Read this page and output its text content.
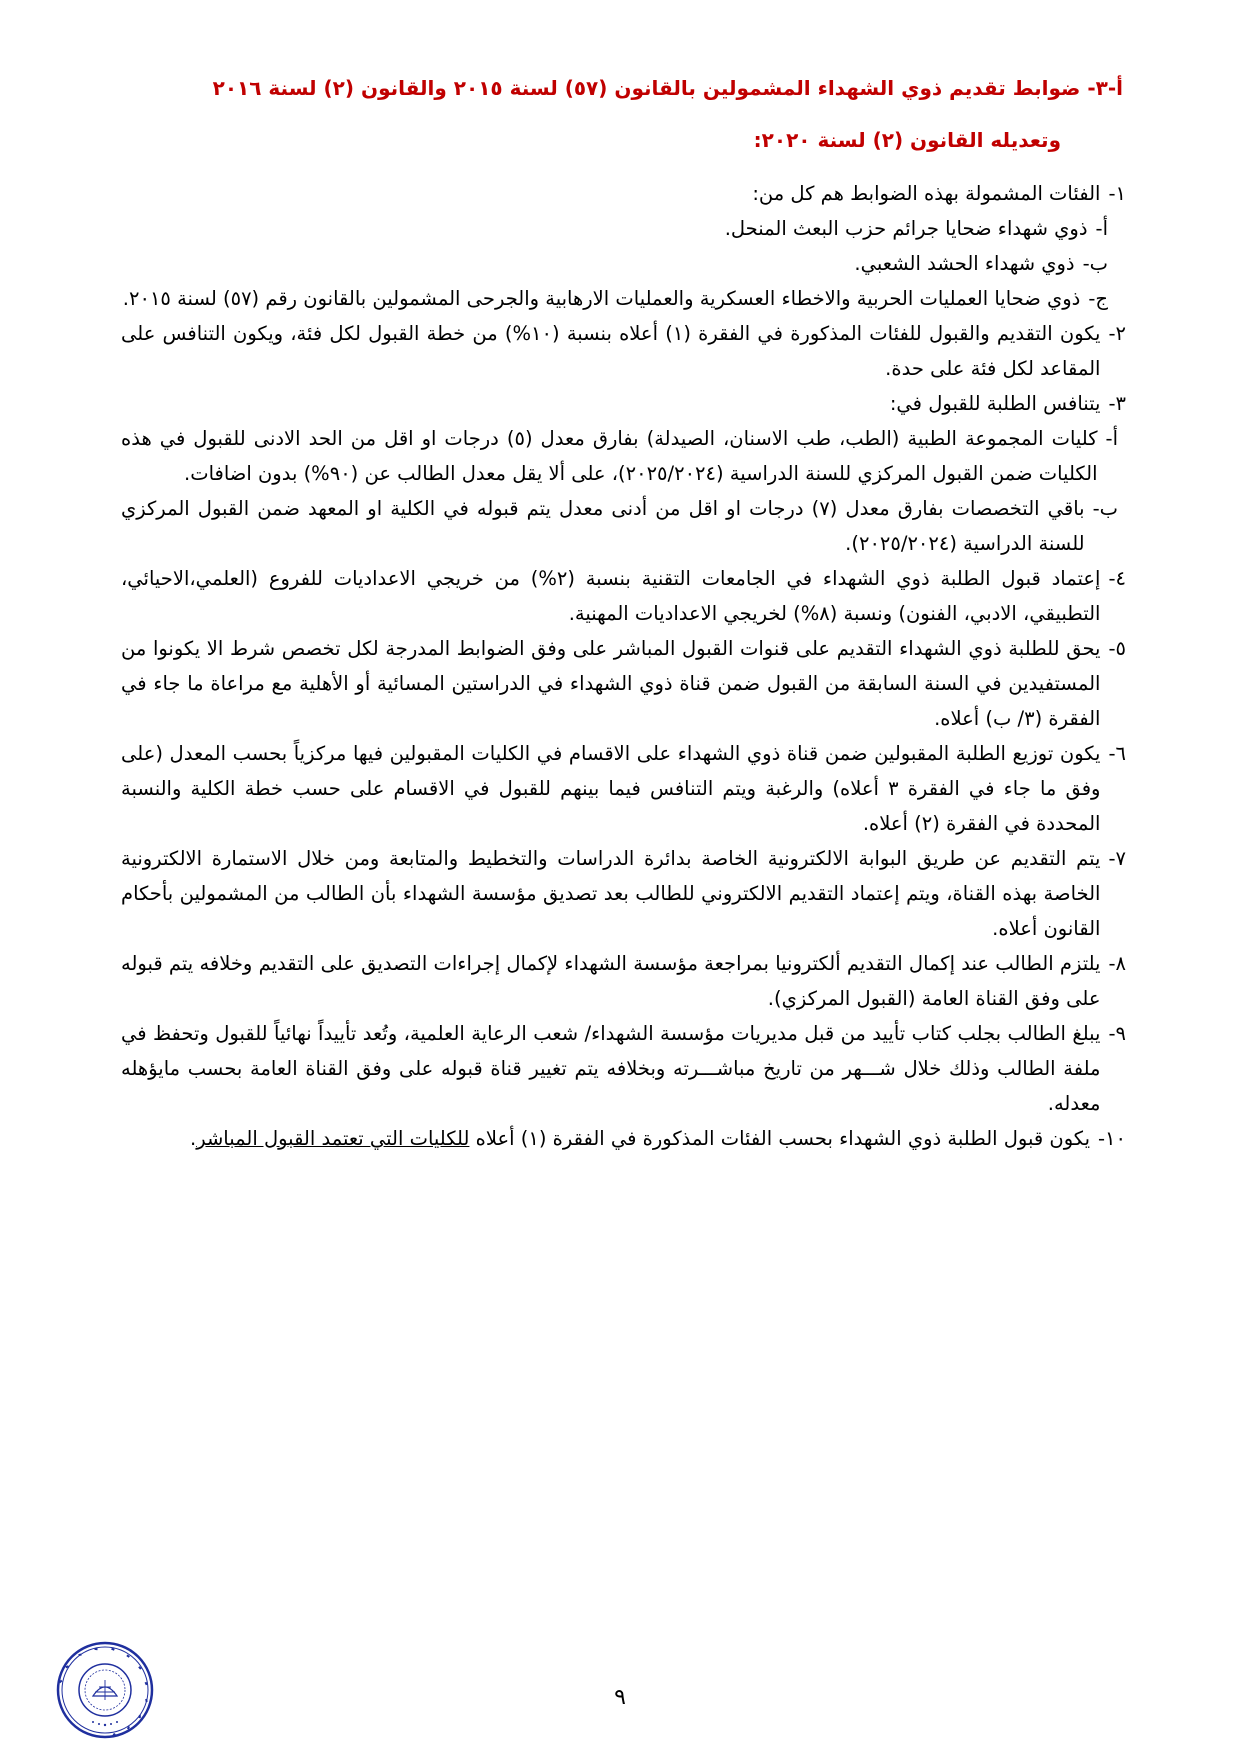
أ-٣- ضوابط تقديم ذوي الشهداء المشمولين بالقانون (٥٧) لسنة ٢٠١٥ والقانون (٢) لسنة ٢٠١٦
وتعديله القانون (٢) لسنة ٢٠٢٠:
١-
الفئات المشمولة بهذه الضوابط هم كل من:
أ-
ذوي شهداء ضحايا جرائم حزب البعث المنحل.
ب-
ذوي شهداء الحشد الشعبي.
ج-
ذوي ضحايا العمليات الحربية والاخطاء العسكرية والعمليات الارهابية والجرحى المشمولين بالقانون رقم (٥٧) لسنة ٢٠١٥.
٢-
يكون التقديم والقبول للفئات المذكورة في الفقرة (١) أعلاه بنسبة (١٠%) من خطة القبول لكل فئة، ويكون التنافس على المقاعد لكل فئة على حدة.
٣-
يتنافس الطلبة للقبول في:
أ-
كليات المجموعة الطبية (الطب، طب الاسنان، الصيدلة) بفارق معدل (٥) درجات او اقل من الحد الادنى للقبول في هذه الكليات ضمن القبول المركزي للسنة الدراسية (٢٠٢٥/٢٠٢٤)، على ألا يقل معدل الطالب عن (٩٠%) بدون اضافات.
ب-
باقي التخصصات بفارق معدل (٧) درجات او اقل من أدنى معدل يتم قبوله في الكلية او المعهد ضمن القبول المركزي للسنة الدراسية (٢٠٢٥/٢٠٢٤).
٤-
إعتماد قبول الطلبة ذوي الشهداء في الجامعات التقنية بنسبة (٢%) من خريجي الاعداديات للفروع (العلمي،الاحيائي، التطبيقي، الادبي، الفنون) ونسبة (٨%) لخريجي الاعداديات المهنية.
٥-
يحق للطلبة ذوي الشهداء التقديم على قنوات القبول المباشر على وفق الضوابط المدرجة لكل تخصص شرط الا يكونوا من المستفيدين في السنة السابقة من القبول ضمن قناة ذوي الشهداء في الدراستين المسائية أو الأهلية مع مراعاة ما جاء في الفقرة (٣/ ب) أعلاه.
٦-
يكون توزيع الطلبة المقبولين ضمن قناة ذوي الشهداء على الاقسام في الكليات المقبولين فيها مركزياً بحسب المعدل (على وفق ما جاء في الفقرة ٣ أعلاه) والرغبة ويتم التنافس فيما بينهم للقبول في الاقسام على حسب خطة الكلية والنسبة المحددة في الفقرة (٢) أعلاه.
٧-
يتم التقديم عن طريق البوابة الالكترونية الخاصة بدائرة الدراسات والتخطيط والمتابعة ومن خلال الاستمارة الالكترونية الخاصة بهذه القناة، ويتم إعتماد التقديم الالكتروني للطالب بعد تصديق مؤسسة الشهداء بأن الطالب من المشمولين بأحكام القانون أعلاه.
٨-
يلتزم الطالب عند إكمال التقديم ألكترونيا بمراجعة مؤسسة الشهداء لإكمال إجراءات التصديق على التقديم وخلافه يتم قبوله على وفق القناة العامة (القبول المركزي).
٩-
يبلغ الطالب بجلب كتاب تأييد من قبل مديريات مؤسسة الشهداء/ شعب الرعاية العلمية، وتُعد تأييداً نهائياً للقبول وتحفظ في ملفة الطالب وذلك خلال شـــهر من تاريخ مباشـــرته وبخلافه يتم تغيير قناة قبوله على وفق القناة العامة بحسب مايؤهله معدله.
١٠-
يكون قبول الطلبة ذوي الشهداء بحسب الفئات المذكورة في الفقرة (١) أعلاه للكليات التي تعتمد القبول المباشر.
٩
